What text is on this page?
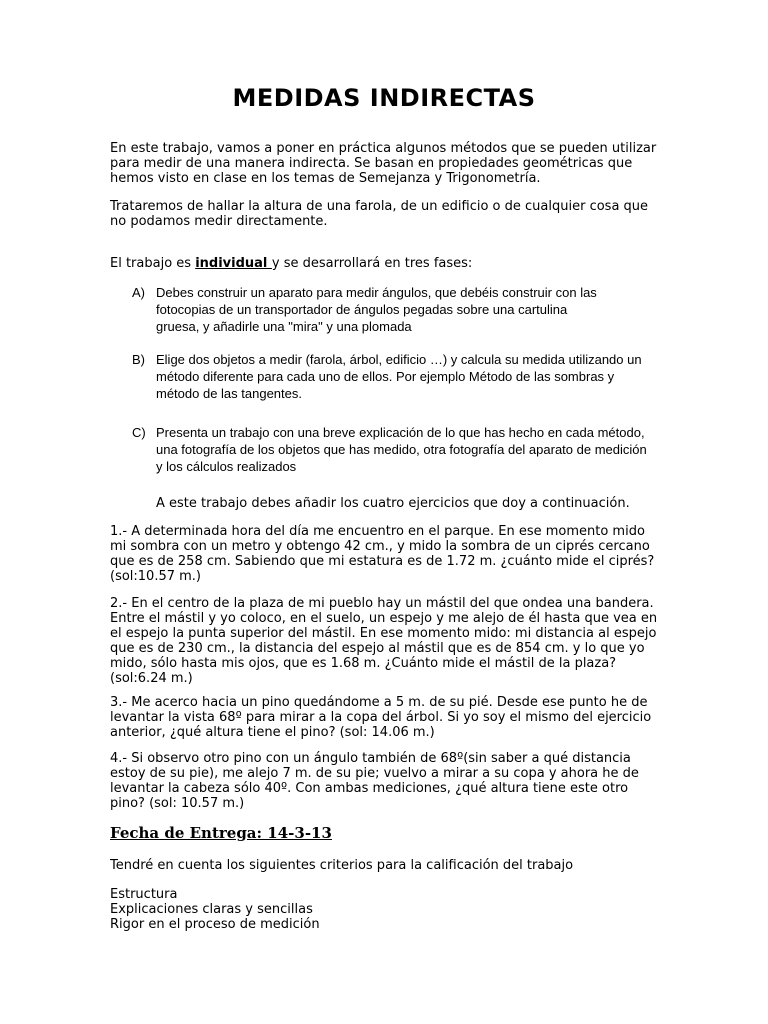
MEDIDAS INDIRECTAS

En este trabajo, vamos a poner en práctica algunos métodos que se pueden utilizar
para medir de una manera indirecta. Se basan en propiedades geométricas que
hemos visto en clase en los temas de Semejanza y Trigonometría.

Trataremos de hallar la altura de una farola, de un edificio o de cualquier cosa que
no podamos medir directamente.

El trabajo es individual y se desarrollará en tres fases:

A) Debes construir un aparato para medir ángulos, que debéis construir con las
fotocopias de un transportador de ángulos pegadas sobre una cartulina
gruesa, y añadirle una "mira" y una plomada
B) Elige dos objetos a medir (farola, árbol, edificio …) y calcula su medida utilizando un
método diferente para cada uno de ellos. Por ejemplo Método de las sombras y
método de las tangentes.
C) Presenta un trabajo con una breve explicación de lo que has hecho en cada método,
una fotografía de los objetos que has medido, otra fotografía del aparato de medición
y los cálculos realizados

A este trabajo debes añadir los cuatro ejercicios que doy a continuación.

1.- A determinada hora del día me encuentro en el parque. En ese momento mido
mi sombra con un metro y obtengo 42 cm., y mido la sombra de un ciprés cercano
que es de 258 cm. Sabiendo que mi estatura es de 1.72 m. ¿cuánto mide el ciprés?
(sol:10.57 m.)

2.- En el centro de la plaza de mi pueblo hay un mástil del que ondea una bandera.
Entre el mástil y yo coloco, en el suelo, un espejo y me alejo de él hasta que vea en
el espejo la punta superior del mástil. En ese momento mido: mi distancia al espejo
que es de 230 cm., la distancia del espejo al mástil que es de 854 cm. y lo que yo
mido, sólo hasta mis ojos, que es 1.68 m. ¿Cuánto mide el mástil de la plaza?
(sol:6.24 m.)

3.- Me acerco hacia un pino quedándome a 5 m. de su pié. Desde ese punto he de
levantar la vista 68º para mirar a la copa del árbol. Si yo soy el mismo del ejercicio
anterior, ¿qué altura tiene el pino? (sol: 14.06 m.)

4.- Si observo otro pino con un ángulo también de 68º(sin saber a qué distancia
estoy de su pie), me alejo 7 m. de su pie; vuelvo a mirar a su copa y ahora he de
levantar la cabeza sólo 40º. Con ambas mediciones, ¿qué altura tiene este otro
pino? (sol: 10.57 m.)

Fecha de Entrega: 14-3-13

Tendré en cuenta los siguientes criterios para la calificación del trabajo

Estructura
Explicaciones claras y sencillas
Rigor en el proceso de medición
